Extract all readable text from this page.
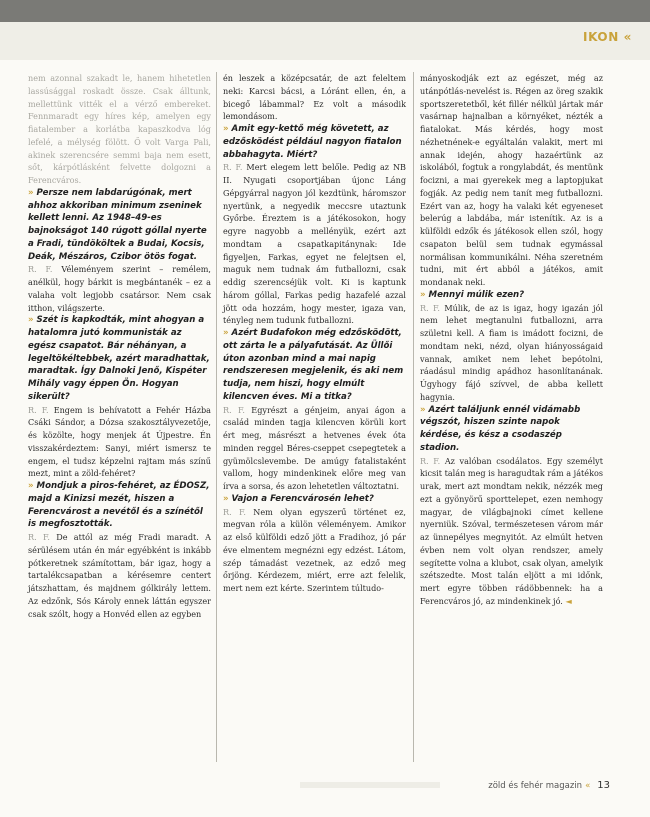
IKON «

nem azonnal szakadt le, hanem hihetetlen lassúsággal roskadt össze. Csak álltunk, mellettünk vitték el a vérző embereket. Fennmaradt egy híres kép, amelyen egy fiatalember a korlátba kapaszkodva lóg lefelé, a mélység fölött. Ő volt Varga Pali, akinek szerencsére semmi baja nem esett, sőt, kárpótlásként felvette dolgozni a Ferencváros.

» Persze nem labdarúgónak, mert ahhoz akkoriban minimum zseninek kellett lenni. Az 1948–49-es bajnokságot 140 rúgott góllal nyerte a Fradi, tündököltek a Budai, Kocsis, Deák, Mészáros, Czibor ötös fogat.

R. F. Véleményem szerint – remélem, anélkül, hogy bárkit is megbántanék – ez a valaha volt legjobb csatársor. Nem csak itthon, világszerte.

» Szét is kapkodták, mint ahogyan a hatalomra jutó kommunisták az egész csapatot. Bár néhányan, a legeltökéltebbek, azért maradhattak, maradtak. Így Dalnoki Jenő, Kispéter Mihály vagy éppen Ön. Hogyan sikerült?

R. F. Engem is behívatott a Fehér Házba Csáki Sándor, a Dózsa szakosztályvezetője, és közölte, hogy menjek át Újpestre. Én visszakérdeztem: Sanyi, miért ismersz te engem, el tudsz képzelni rajtam más színű mezt, mint a zöld-fehéret?

» Mondjuk a piros-fehéret, az ÉDOSZ, majd a Kinizsi mezét, hiszen a Ferencvárost a nevétől és a színétől is megfosztották.

R. F. De attól az még Fradi maradt. A sérülésem után én már egyébként is inkább pótkeretnek számítottam, bár igaz, hogy a tartalékcsapatban a kérésemre centert játszhattam, és majdnem gólkirály lettem. Az edzőnk, Sós Károly ennek láttán egyszer csak szólt, hogy a Honvéd ellen az egyben

én leszek a középcsatár, de azt feleltem neki: Karcsi bácsi, a Lóránt ellen, én, a bicegő lábammal? Ez volt a második lemondásom.

» Amit egy-kettő még követett, az edzősködést például nagyon fiatalon abbahagyta. Miért?

R. F. Mert elegem lett belőle. Pedig az NB II. Nyugati csoportjában újonc Láng Gépgyárral nagyon jól kezdtünk, háromszor nyertünk, a negyedik meccsre utaztunk Győrbe. Éreztem is a játékosokon, hogy egyre nagyobb a mellényük, ezért azt mondtam a csapatkapitánynak: Ide figyeljen, Farkas, egyet ne felejtsen el, maguk nem tudnak ám futballozni, csak eddig szerencséjük volt. Ki is kaptunk három góllal, Farkas pedig hazafelé azzal jött oda hozzám, hogy mester, igaza van, tényleg nem tudunk futballozni.

» Azért Budafokon még edzősködött, ott zárta le a pályafutását. Az Üllői úton azonban mind a mai napig rendszeresen megjelenik, és aki nem tudja, nem hiszi, hogy elmúlt kilencven éves. Mi a titka?

R. F. Egyrészt a génjeim, anyai ágon a család minden tagja kilencven körüli kort ért meg, másrészt a hetvenes évek óta minden reggel Béres-cseppet csepegtetek a gyümölcslevembe. De amúgy fatalistaként vallom, hogy mindenkinek előre meg van írva a sorsa, és azon lehetetlen változtatni.

» Vajon a Ferencvárosén lehet?

R. F. Nem olyan egyszerű történet ez, megvan róla a külön véleményem. Amikor az első külföldi edző jött a Fradihoz, jó pár éve elmentem megnézni egy edzést. Látom, szép támadást vezetnek, az edző meg őrjöng. Kérdezem, miért, erre azt felelik, mert nem ezt kérte. Szerintem túltudo-

mányoskodják ezt az egészet, még az utánpótlás-nevelést is. Régen az öreg szakik sportszeretetből, két fillér nélkül jártak már vasárnap hajnalban a környéket, nézték a fiatalokat. Más kérdés, hogy most nézhetnének-e egyáltalán valakit, mert mi annak idején, ahogy hazaértünk az iskolából, fogtuk a rongylabdát, és mentünk focizni, a mai gyerekek meg a laptopjukat fogják. Az pedig nem tanít meg futballozni. Ezért van az, hogy ha valaki két egyeneset belerúg a labdába, már istenítik. Az is a külföldi edzők és játékosok ellen szól, hogy csapaton belül sem tudnak egymással normálisan kommunikálni. Néha szeretném tudni, mit ért abból a játékos, amit mondanak neki.

» Mennyi múlik ezen?

R. F. Múlik, de az is igaz, hogy igazán jól nem lehet megtanulni futballozni, arra születni kell. A fiam is imádott focizni, de mondtam neki, nézd, olyan hiányosságaid vannak, amiket nem lehet bepótolni, ráadásul mindig apádhoz hasonlítanának. Úgyhogy fájó szívvel, de abba kellett hagynia.

» Azért találjunk ennél vidámabb végszót, hiszen szinte napok kérdése, és kész a csodaszép stadion.

R. F. Az valóban csodálatos. Egy személyt kicsit talán meg is haragudtak rám a játékos urak, mert azt mondtam nekik, nézzék meg ezt a gyönyörű sporttelepet, ezen nemhogy magyar, de világbajnoki címet kellene nyerniük. Szóval, természetesen várom már az ünnepélyes megnyitót. Az elmúlt hetven évben nem volt olyan rendszer, amely segítette volna a klubot, csak olyan, amelyik szétszedte. Most talán eljött a mi időnk, mert egyre többen rádöbbennek: ha a Ferencváros jó, az mindenkinek jó. ◄

zöld és fehér magazin « 13
